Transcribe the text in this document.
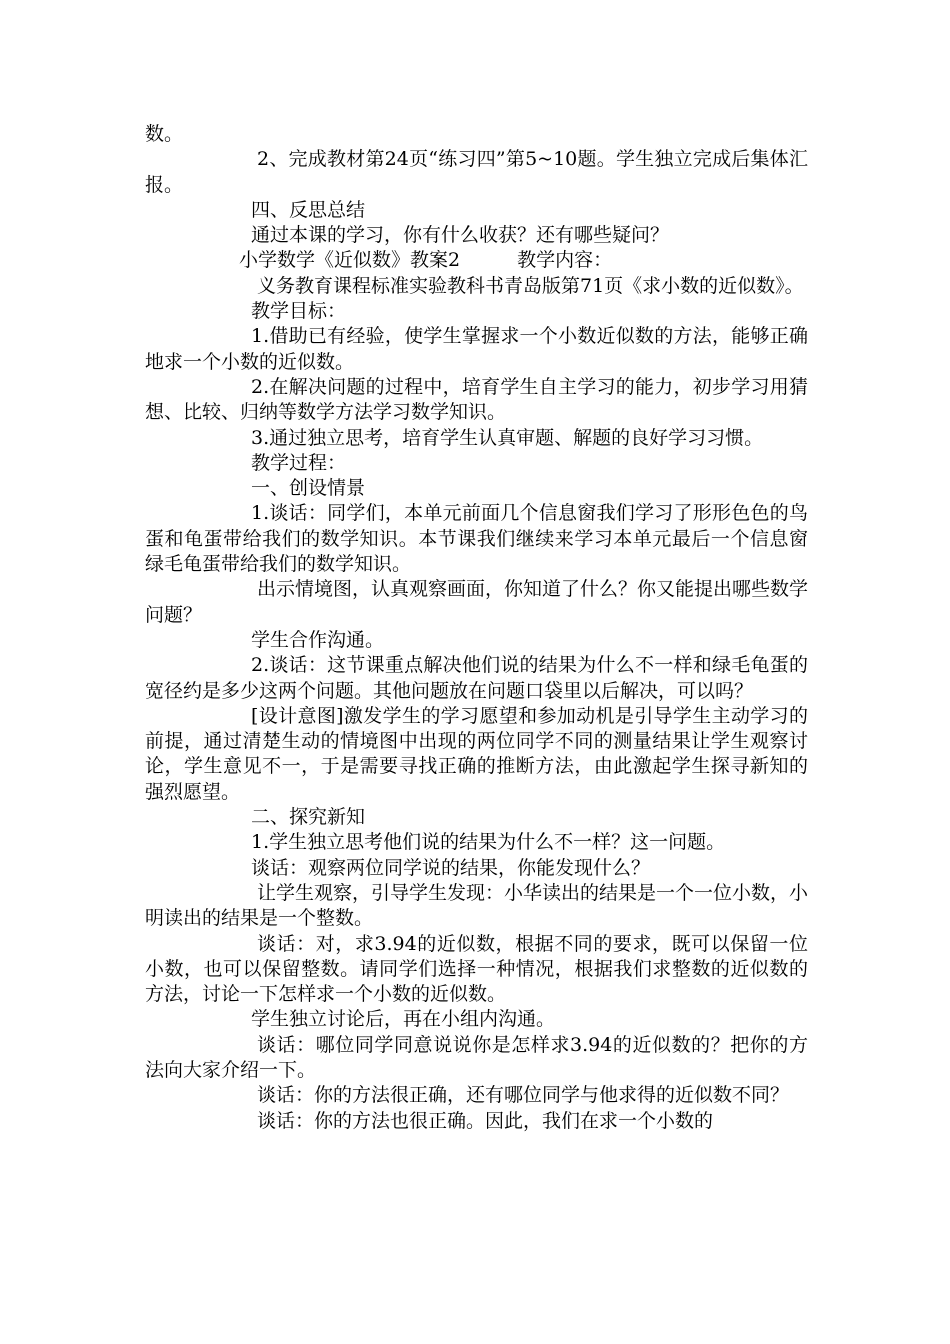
数。

2、完成教材第24页“练习四”第5~10题。学生独立完成后集体汇报。

四、反思总结

通过本课的学习，你有什么收获？还有哪些疑问？

小学数学《近似数》教案2　　　教学内容：

义务教育课程标准实验教科书青岛版第71页《求小数的近似数》。

教学目标：

1.借助已有经验，使学生掌握求一个小数近似数的方法，能够正确地求一个小数的近似数。

2.在解决问题的过程中，培育学生自主学习的能力，初步学习用猜想、比较、归纳等数学方法学习数学知识。

3.通过独立思考，培育学生认真审题、解题的良好学习习惯。

教学过程：

一、创设情景

1.谈话：同学们，本单元前面几个信息窗我们学习了形形色色的鸟蛋和龟蛋带给我们的数学知识。本节课我们继续来学习本单元最后一个信息窗绿毛龟蛋带给我们的数学知识。

出示情境图，认真观察画面，你知道了什么？你又能提出哪些数学问题？

学生合作沟通。

2.谈话：这节课重点解决他们说的结果为什么不一样和绿毛龟蛋的宽径约是多少这两个问题。其他问题放在问题口袋里以后解决，可以吗？

[设计意图]激发学生的学习愿望和参加动机是引导学生主动学习的前提，通过清楚生动的情境图中出现的两位同学不同的测量结果让学生观察讨论，学生意见不一，于是需要寻找正确的推断方法，由此激起学生探寻新知的强烈愿望。

二、探究新知

1.学生独立思考他们说的结果为什么不一样？这一问题。

谈话：观察两位同学说的结果，你能发现什么？

让学生观察，引导学生发现：小华读出的结果是一个一位小数，小明读出的结果是一个整数。

谈话：对，求3.94的近似数，根据不同的要求，既可以保留一位小数，也可以保留整数。请同学们选择一种情况，根据我们求整数的近似数的方法，讨论一下怎样求一个小数的近似数。

学生独立讨论后，再在小组内沟通。

谈话：哪位同学同意说说你是怎样求3.94的近似数的？把你的方法向大家介绍一下。

谈话：你的方法很正确，还有哪位同学与他求得的近似数不同？

谈话：你的方法也很正确。因此，我们在求一个小数的
